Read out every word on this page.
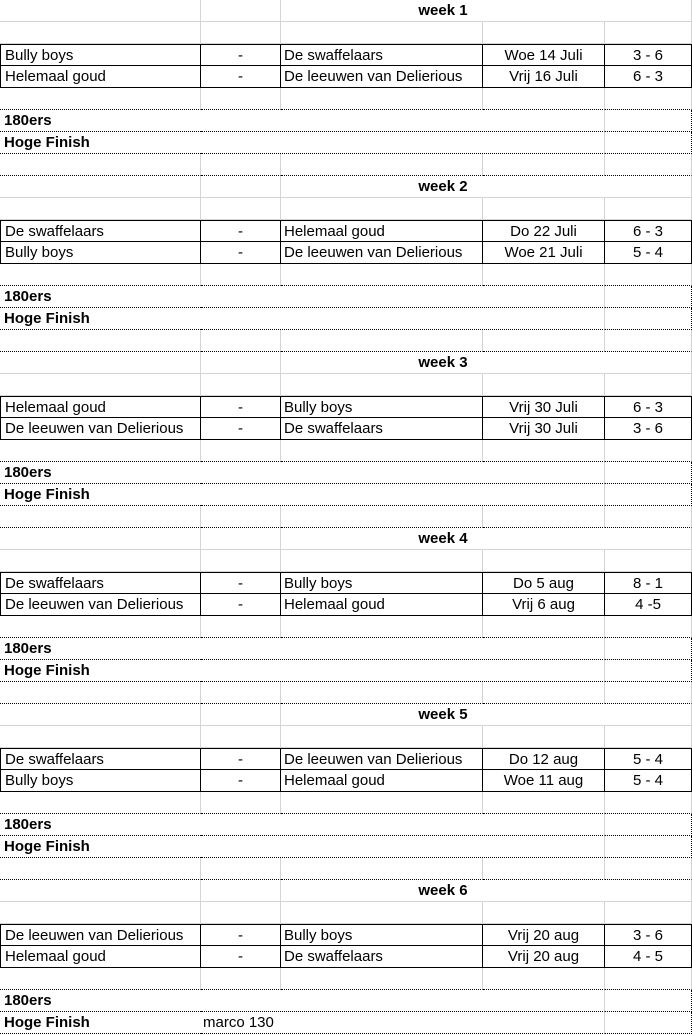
week 1
Bully boys	-	De swaffelaars	Woe 14 Juli	3 - 6
Helemaal goud	-	De leeuwen van Delierious	Vrij 16 Juli	6 - 3
180ers
Hoge Finish
week 2
De swaffelaars	-	Helemaal goud	Do 22 Juli	6 - 3
Bully boys	-	De leeuwen van Delierious	Woe 21 Juli	5 - 4
180ers
Hoge Finish
week 3
Helemaal goud	-	Bully boys	Vrij 30 Juli	6 - 3
De leeuwen van Delierious	-	De swaffelaars	Vrij 30 Juli	3 - 6
180ers
Hoge Finish
week 4
De swaffelaars	-	Bully boys	Do 5 aug	8 - 1
De leeuwen van Delierious	-	Helemaal goud	Vrij 6 aug	4 -5
180ers
Hoge Finish
week 5
De swaffelaars	-	De leeuwen van Delierious	Do 12 aug	5 - 4
Bully boys	-	Helemaal goud	Woe 11 aug	5 - 4
180ers
Hoge Finish
week 6
De leeuwen van Delierious	-	Bully boys	Vrij 20 aug	3 - 6
Helemaal goud	-	De swaffelaars	Vrij 20 aug	4 - 5
180ers
Hoge Finish	marco 130
